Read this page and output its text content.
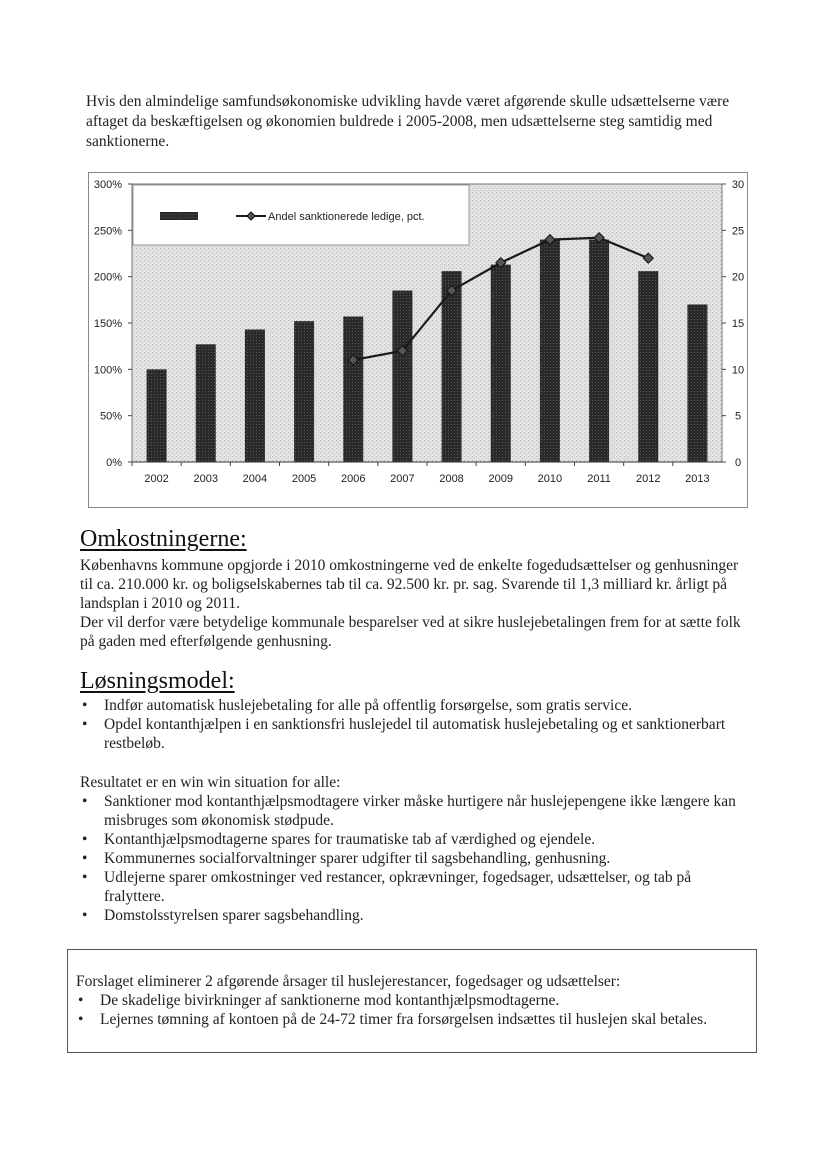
Hvis den almindelige samfundsøkonomiske udvikling havde været afgørende skulle udsættelserne være aftaget da beskæftigelsen og økonomien buldrede i 2005-2008, men udsættelserne steg samtidig med sanktionerne.
0%
50%
100%
150%
200%
250%
300%
0
5
10
15
20
25
30
2002 2003 2004 2005 2006 2007 2008 2009 2010 2011 2012 2013
Andel sanktionerede ledige, pct.
Omkostningerne:

Københavns kommune opgjorde i 2010 omkostningerne ved de enkelte fogedudsættelser og genhusninger til ca. 210.000 kr. og boligselskabernes tab til ca. 92.500 kr. pr. sag. Svarende til 1,3 milliard kr. årligt på landsplan i 2010 og 2011.

Der vil derfor være betydelige kommunale besparelser ved at sikre huslejebetalingen frem for at sætte folk på gaden med efterfølgende genhusning.

Løsningsmodel:
• Indfør automatisk huslejebetaling for alle på offentlig forsørgelse, som gratis service.
• Opdel kontanthjælpen i en sanktionsfri huslejedel til automatisk huslejebetaling og et sanktionerbart restbeløb.

Resultatet er en win win situation for alle:

• Sanktioner mod kontanthjælpsmodtagere virker måske hurtigere når huslejepengene ikke længere kan misbruges som økonomisk stødpude.
• Kontanthjælpsmodtagerne spares for traumatiske tab af værdighed og ejendele.
• Kommunernes socialforvaltninger sparer udgifter til sagsbehandling, genhusning.
• Udlejerne sparer omkostninger ved restancer, opkrævninger, fogedsager, udsættelser, og tab på fralyttere.
• Domstolsstyrelsen sparer sagsbehandling.

Forslaget eliminerer 2 afgørende årsager til huslejerestancer, fogedsager og udsættelser:

• De skadelige bivirkninger af sanktionerne mod kontanthjælpsmodtagerne.
• Lejernes tømning af kontoen på de 24-72 timer fra forsørgelsen indsættes til huslejen skal betales.
